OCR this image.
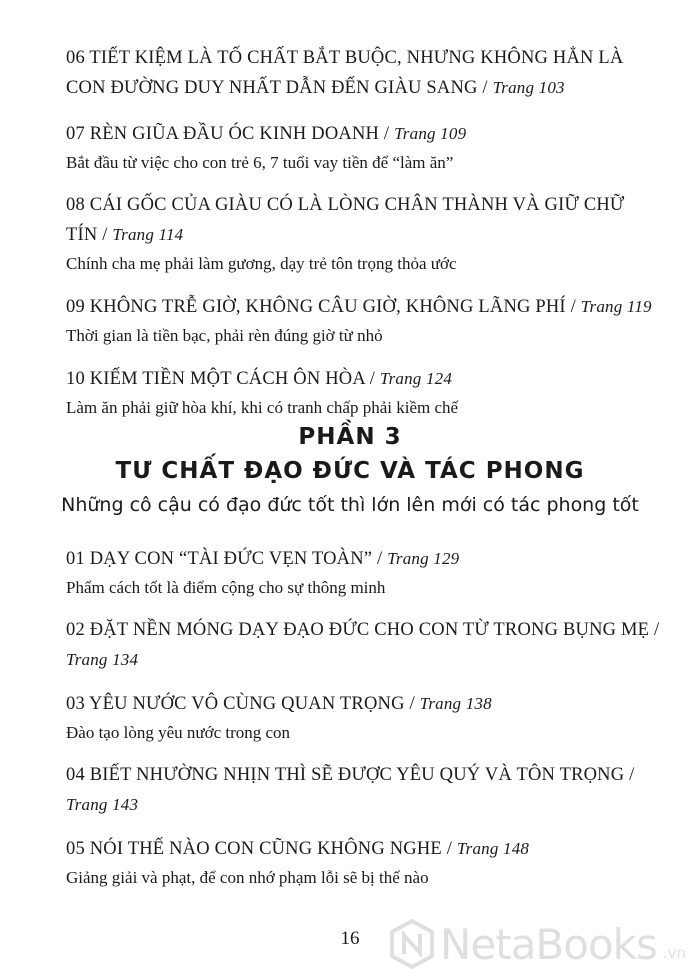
06 TIẾT KIỆM LÀ TỐ CHẤT BẮT BUỘC, NHƯNG KHÔNG HẲN LÀ CON ĐƯỜNG DUY NHẤT DẪN ĐẾN GIÀU SANG / Trang 103
07 RÈN GIŨA ĐẦU ÓC KINH DOANH / Trang 109
Bắt đầu từ việc cho con trẻ 6, 7 tuổi vay tiền để “làm ăn”
08 CÁI GỐC CỦA GIÀU CÓ LÀ LÒNG CHÂN THÀNH VÀ GIỮ CHỮ TÍN / Trang 114
Chính cha mẹ phải làm gương, dạy trẻ tôn trọng thỏa ước
09 KHÔNG TRỄ GIỜ, KHÔNG CÂU GIỜ, KHÔNG LÃNG PHÍ / Trang 119
Thời gian là tiền bạc, phải rèn đúng giờ từ nhỏ
10 KIẾM TIỀN MỘT CÁCH ÔN HÒA / Trang 124
Làm ăn phải giữ hòa khí, khi có tranh chấp phải kiềm chế
PHẦN 3
TƯ CHẤT ĐẠO ĐỨC VÀ TÁC PHONG
Những cô cậu có đạo đức tốt thì lớn lên mới có tác phong tốt
01 DẠY CON “TÀI ĐỨC VẸN TOÀN” / Trang 129
Phẩm cách tốt là điểm cộng cho sự thông minh
02 ĐẶT NỀN MÓNG DẠY ĐẠO ĐỨC CHO CON TỪ TRONG BỤNG MẸ / Trang 134
03 YÊU NƯỚC VÔ CÙNG QUAN TRỌNG / Trang 138
Đào tạo lòng yêu nước trong con
04 BIẾT NHƯỜNG NHỊN THÌ SẼ ĐƯỢC YÊU QUÝ VÀ TÔN TRỌNG / Trang 143
05 NÓI THẾ NÀO CON CŨNG KHÔNG NGHE / Trang 148
Giảng giải và phạt, để con nhớ phạm lỗi sẽ bị thế nào
16	NetaBooks .vn
